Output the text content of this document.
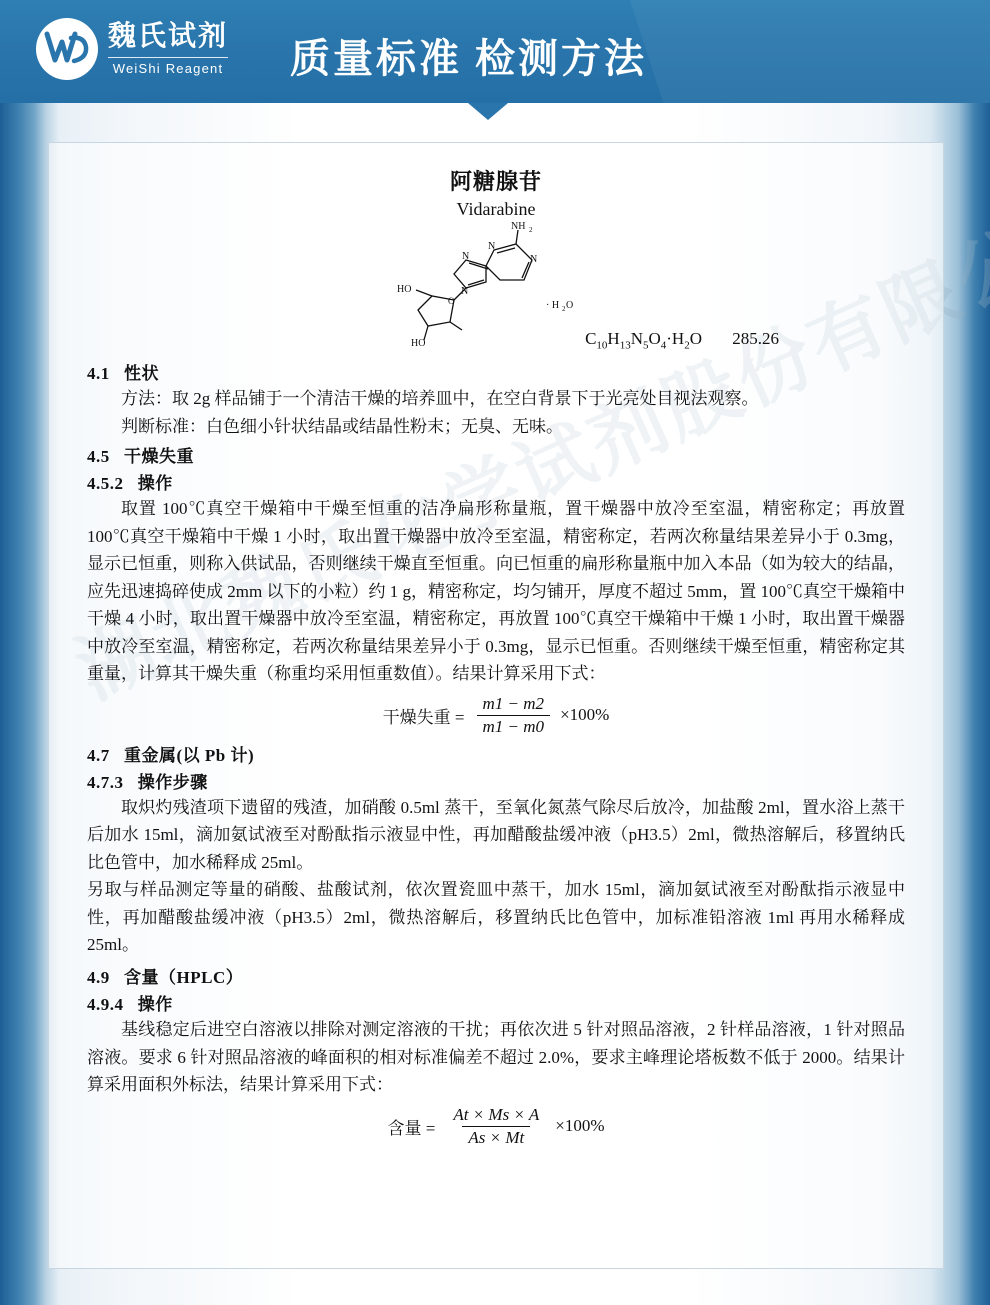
魏氏试剂
WeiShi Reagent 质量标准 检测方法
阿糖腺苷
Vidarabine
NH 2
N
N
N
N
HO
HO
O	· H 2 O
$C_{10}H_{13}N_5O_4\cdot H_2O$ 285.26
4.1 性状

方法：取 2g 样品铺于一个清洁干燥的培养皿中，在空白背景下于光亮处目视法观察。

判断标准：白色细小针状结晶或结晶性粉末；无臭、无味。

4.5 干燥失重
4.5.2 操作

取置 100℃真空干燥箱中干燥至恒重的洁净扁形称量瓶，置干燥器中放冷至室温，精密称定；再放置 100℃真空干燥箱中干燥 1 小时，取出置干燥器中放冷至室温，精密称定，若两次称量结果差异小于 0.3mg，显示已恒重，则称入供试品，否则继续干燥直至恒重。向已恒重的扁形称量瓶中加入本品（如为较大的结晶，应先迅速捣碎使成 2mm 以下的小粒）约 1 g，精密称定，均匀铺开，厚度不超过 5mm，置 100℃真空干燥箱中干燥 4 小时，取出置干燥器中放冷至室温，精密称定，再放置 100℃真空干燥箱中干燥 1 小时，取出置干燥器中放冷至室温，精密称定，若两次称量结果差异小于 0.3mg，显示已恒重。否则继续干燥至恒重，精密称定其重量，计算其干燥失重（称重均采用恒重数值）。结果计算采用下式：

干燥失重 = $\frac{m1 - m2}{m1 - m0} \times 100\%$
4.7 重金属(以 Pb 计)
4.7.3 操作步骤

取炽灼残渣项下遗留的残渣，加硝酸 0.5ml 蒸干，至氧化氮蒸气除尽后放冷，加盐酸 2ml，置水浴上蒸干后加水 15ml，滴加氨试液至对酚酞指示液显中性，再加醋酸盐缓冲液（pH3.5）2ml，微热溶解后，移置纳氏比色管中，加水稀释成 25ml。

另取与样品测定等量的硝酸、盐酸试剂，依次置瓷皿中蒸干，加水 15ml，滴加氨试液至对酚酞指示液显中性，再加醋酸盐缓冲液（pH3.5）2ml，微热溶解后，移置纳氏比色管中，加标准铅溶液 1ml 再用水稀释成 25ml。

4.9 含量（HPLC）
4.9.4 操作

基线稳定后进空白溶液以排除对测定溶液的干扰；再依次进 5 针对照品溶液，2 针样品溶液，1 针对照品溶液。要求 6 针对照品溶液的峰面积的相对标准偏差不超过 2.0%，要求主峰理论塔板数不低于 2000。结果计算采用面积外标法，结果计算采用下式：

含量 = $\frac{At \times Ms \times A}{As \times Mt} \times 100\%$
